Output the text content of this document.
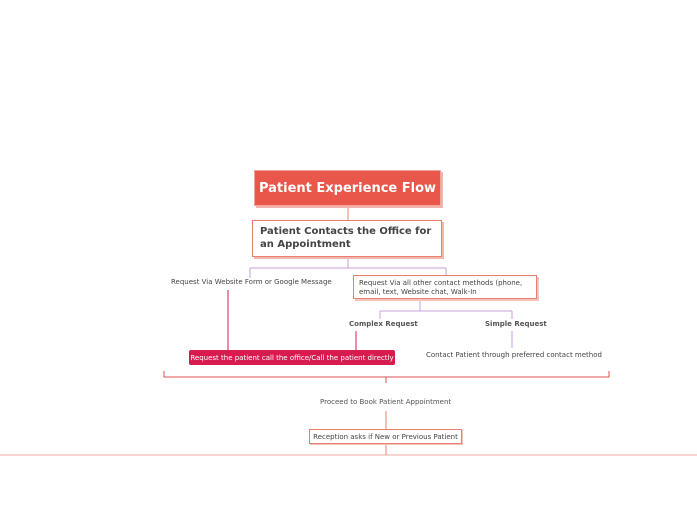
Patient Experience Flow
Patient Contacts the Office for an Appointment
Request Via Website Form or Google Message	Request Via all other contact methods (phone, email, text, Website chat, Walk-In
Complex Request	Simple Request
Request the patient call the office/Call the patient directly	Contact Patient through preferred contact method
Proceed to Book Patient Appointment
Reception asks if New or Previous Patient
